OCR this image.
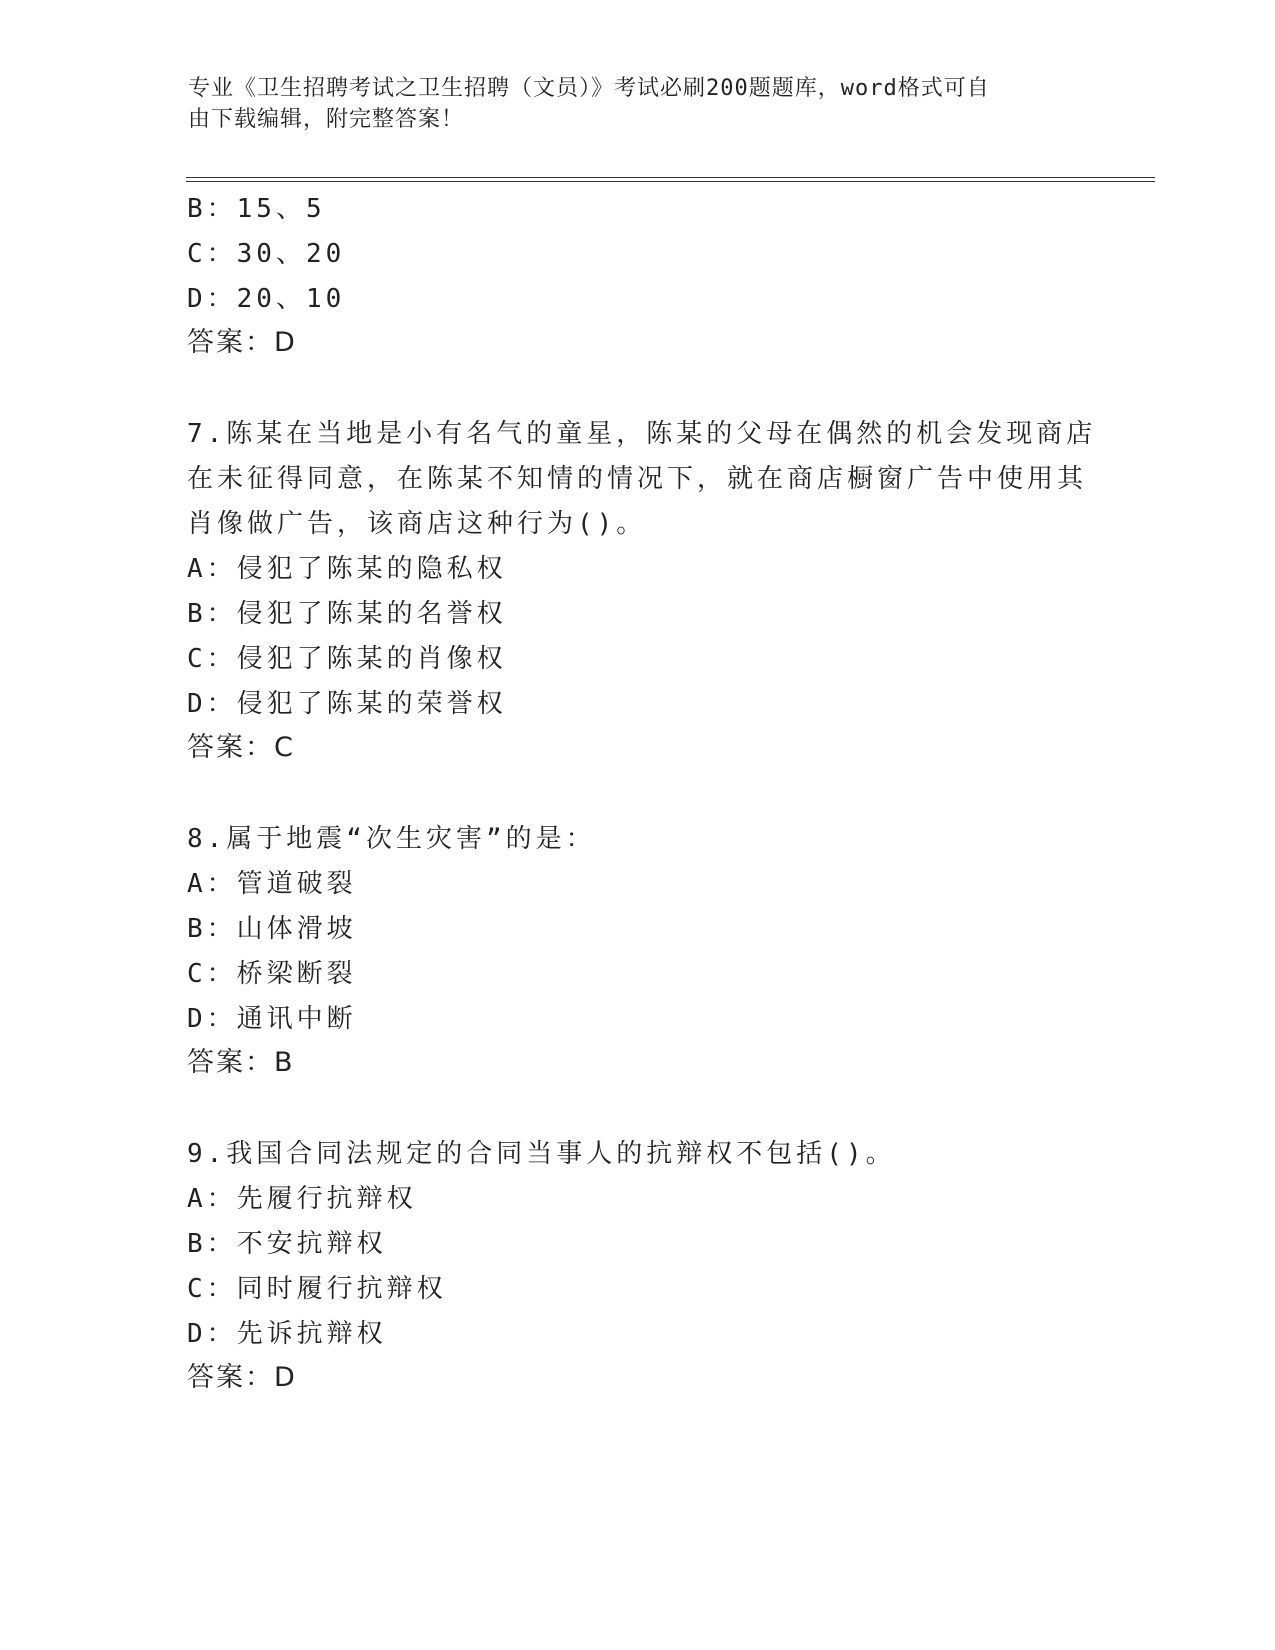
专业《卫生招聘考试之卫生招聘（文员）》考试必刷200题题库，word格式可自
由下载编辑，附完整答案！
B：15、5
C：30、20
D：20、10
答案：D
7.陈某在当地是小有名气的童星，陈某的父母在偶然的机会发现商店
在未征得同意，在陈某不知情的情况下，就在商店橱窗广告中使用其
肖像做广告，该商店这种行为()。
A：侵犯了陈某的隐私权
B：侵犯了陈某的名誉权
C：侵犯了陈某的肖像权
D：侵犯了陈某的荣誉权
答案：C
8.属于地震“次生灾害”的是：
A：管道破裂
B：山体滑坡
C：桥梁断裂
D：通讯中断
答案：B
9.我国合同法规定的合同当事人的抗辩权不包括()。
A：先履行抗辩权
B：不安抗辩权
C：同时履行抗辩权
D：先诉抗辩权
答案：D
